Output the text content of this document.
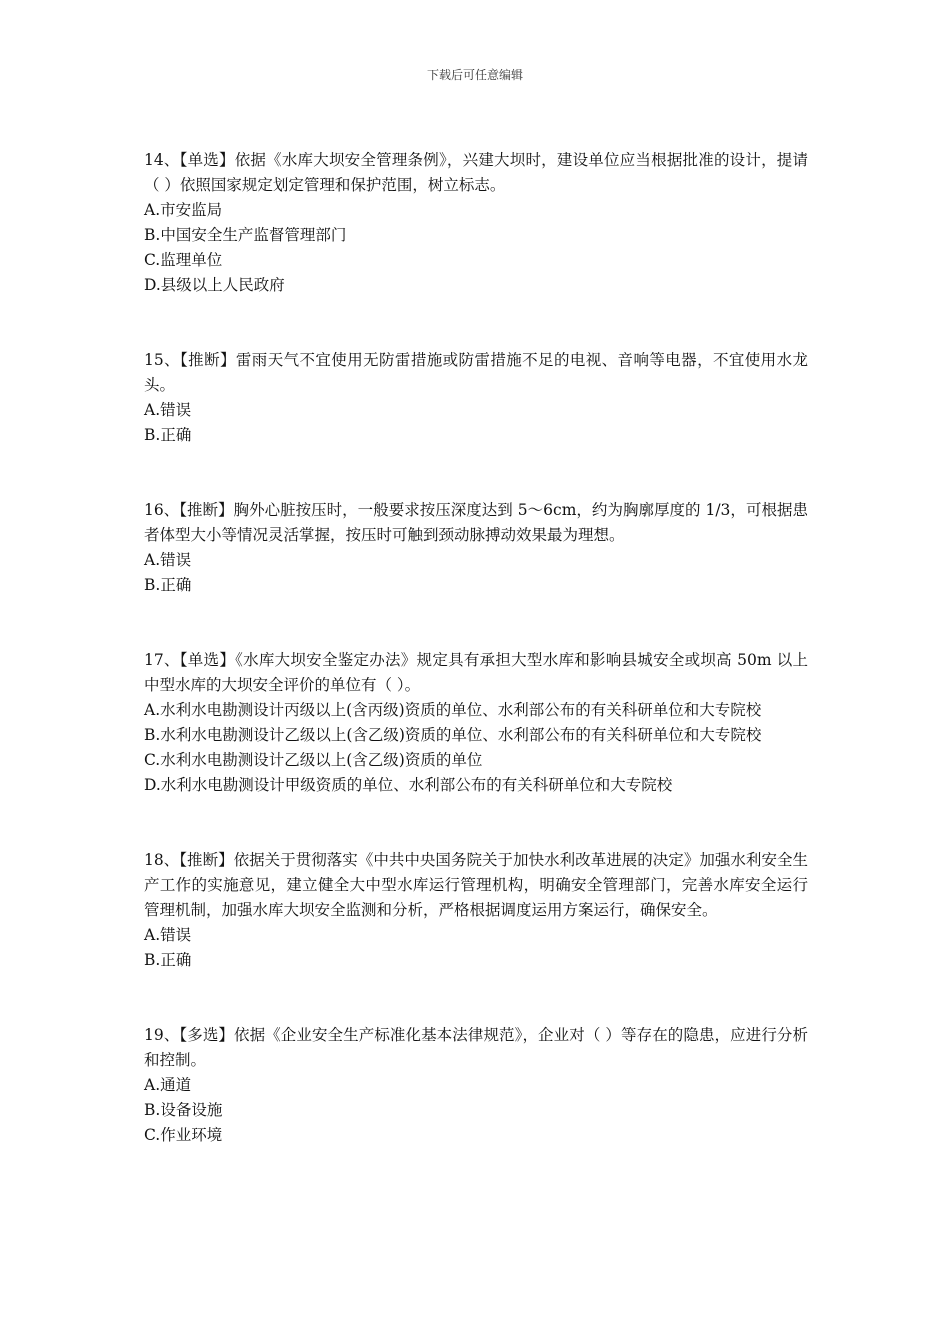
下载后可任意编辑
14、【单选】依据《水库大坝安全管理条例》，兴建大坝时，建设单位应当根据批准的设计，提请（ ）依照国家规定划定管理和保护范围，树立标志。
A.市安监局
B.中国安全生产监督管理部门
C.监理单位
D.县级以上人民政府
15、【推断】雷雨天气不宜使用无防雷措施或防雷措施不足的电视、音响等电器，不宜使用水龙头。
A.错误
B.正确
16、【推断】胸外心脏按压时，一般要求按压深度达到 5～6cm，约为胸廓厚度的 1/3，可根据患者体型大小等情况灵活掌握，按压时可触到颈动脉搏动效果最为理想。
A.错误
B.正确
17、【单选】《水库大坝安全鉴定办法》规定具有承担大型水库和影响县城安全或坝高 50m 以上中型水库的大坝安全评价的单位有（ ）。
A.水利水电勘测设计丙级以上(含丙级)资质的单位、水利部公布的有关科研单位和大专院校
B.水利水电勘测设计乙级以上(含乙级)资质的单位、水利部公布的有关科研单位和大专院校
C.水利水电勘测设计乙级以上(含乙级)资质的单位
D.水利水电勘测设计甲级资质的单位、水利部公布的有关科研单位和大专院校
18、【推断】依据关于贯彻落实《中共中央国务院关于加快水利改革进展的决定》加强水利安全生产工作的实施意见，建立健全大中型水库运行管理机构，明确安全管理部门，完善水库安全运行管理机制，加强水库大坝安全监测和分析，严格根据调度运用方案运行，确保安全。
A.错误
B.正确
19、【多选】依据《企业安全生产标准化基本法律规范》，企业对（ ）等存在的隐患，应进行分析和控制。
A.通道
B.设备设施
C.作业环境
